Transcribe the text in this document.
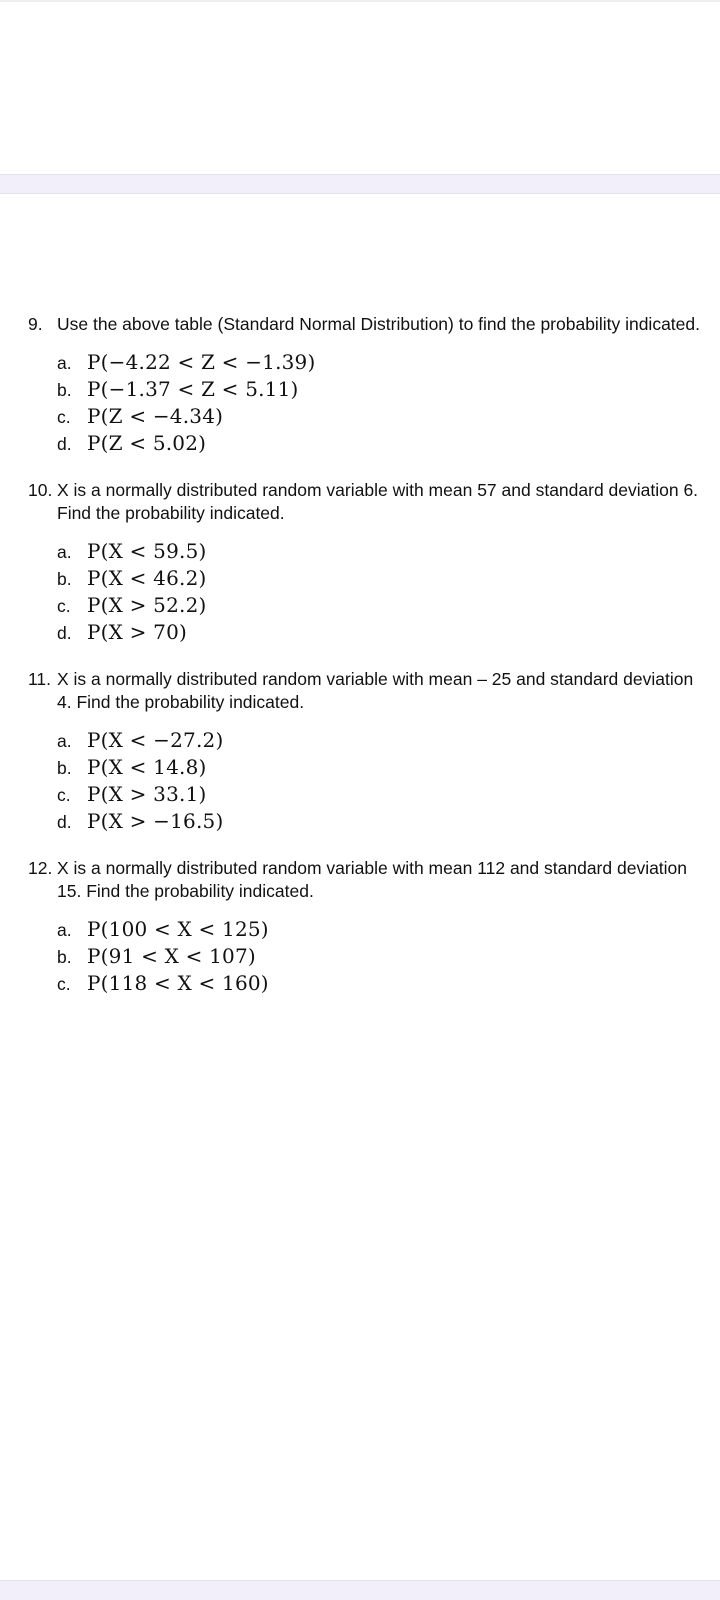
9. Use the above table (Standard Normal Distribution) to find the probability indicated.
a. P(−4.22 < Z < −1.39)
b. P(−1.37 < Z < 5.11)
c. P(Z < −4.34)
d. P(Z < 5.02)
10. X is a normally distributed random variable with mean 57 and standard deviation 6. Find the probability indicated.
a. P(X < 59.5)
b. P(X < 46.2)
c. P(X > 52.2)
d. P(X > 70)
11. X is a normally distributed random variable with mean – 25 and standard deviation 4. Find the probability indicated.
a. P(X < −27.2)
b. P(X < 14.8)
c. P(X > 33.1)
d. P(X > −16.5)
12. X is a normally distributed random variable with mean 112 and standard deviation 15. Find the probability indicated.
a. P(100 < X < 125)
b. P(91 < X < 107)
c. P(118 < X < 160)
